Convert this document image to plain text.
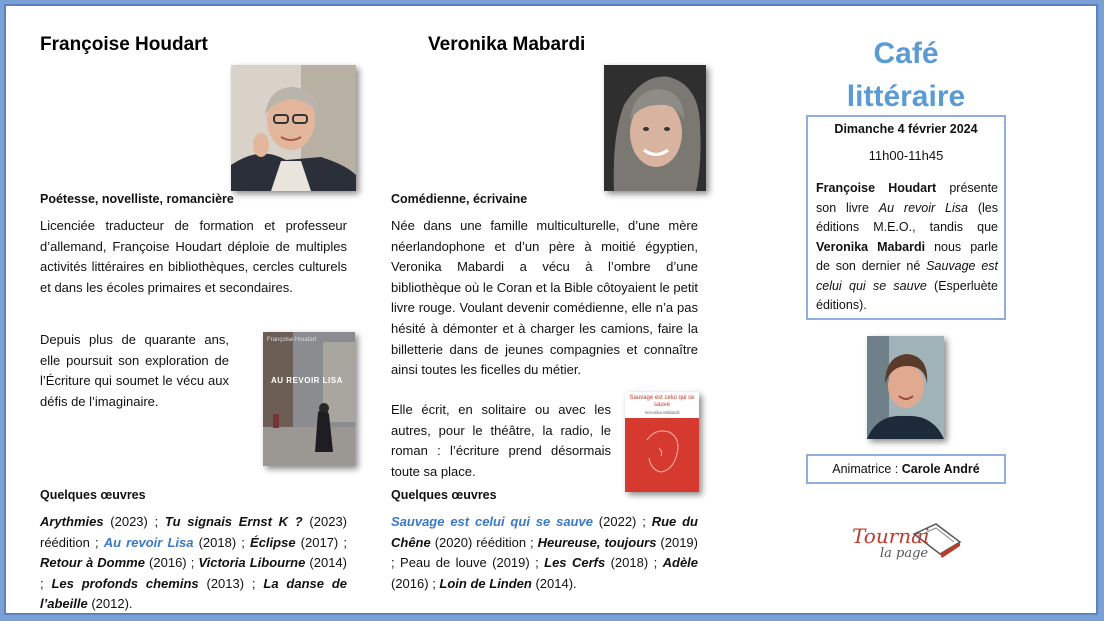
Françoise Houdart
Poétesse, novelliste, romancière
Licenciée traducteur de formation et professeur d’allemand, Françoise Houdart déploie de multiples activités littéraires en bibliothèques, cercles culturels et dans les écoles primaires et secondaires.
Depuis plus de quarante ans, elle poursuit son exploration de l’Écriture qui soumet le vécu aux défis de l’imaginaire.
Françoise Houdart
AU REVOIR LISA
Quelques œuvres
Arythmies (2023) ; Tu signais Ernst K ? (2023) réédition ; Au revoir Lisa (2018) ; Éclipse (2017) ; Retour à Domme (2016) ; Victoria Libourne (2014) ; Les profonds chemins (2013) ; La danse de l’abeille (2012).
Veronika Mabardi
Comédienne, écrivaine
Née dans une famille multiculturelle, d’une mère néerlandophone et d’un père à moitié égyptien, Veronika Mabardi a vécu à l’ombre d’une bibliothèque où le Coran et la Bible côtoyaient le petit livre rouge. Voulant devenir comédienne, elle n’a pas hésité à démonter et à charger les camions, faire la billetterie dans de jeunes compagnies et connaître ainsi toutes les ficelles du métier.
Elle écrit, en solitaire ou avec les autres, pour le théâtre, la radio, le roman : l’écriture prend désormais toute sa place.
Sauvage est celui qui se sauve
Veronika Mabardi
Quelques œuvres
Sauvage est celui qui se sauve (2022) ; Rue du Chêne (2020) réédition ; Heureuse, toujours (2019) ; Peau de louve (2019) ; Les Cerfs (2018) ; Adèle (2016) ; Loin de Linden (2014).
Café
littéraire
Dimanche 4 février 2024
11h00-11h45
Françoise Houdart présente son livre Au revoir Lisa (les éditions M.E.O., tandis que Veronika Mabardi nous parle de son dernier né Sauvage est celui qui se sauve (Esperluète éditions).
Animatrice : Carole André
Tournai
la page
